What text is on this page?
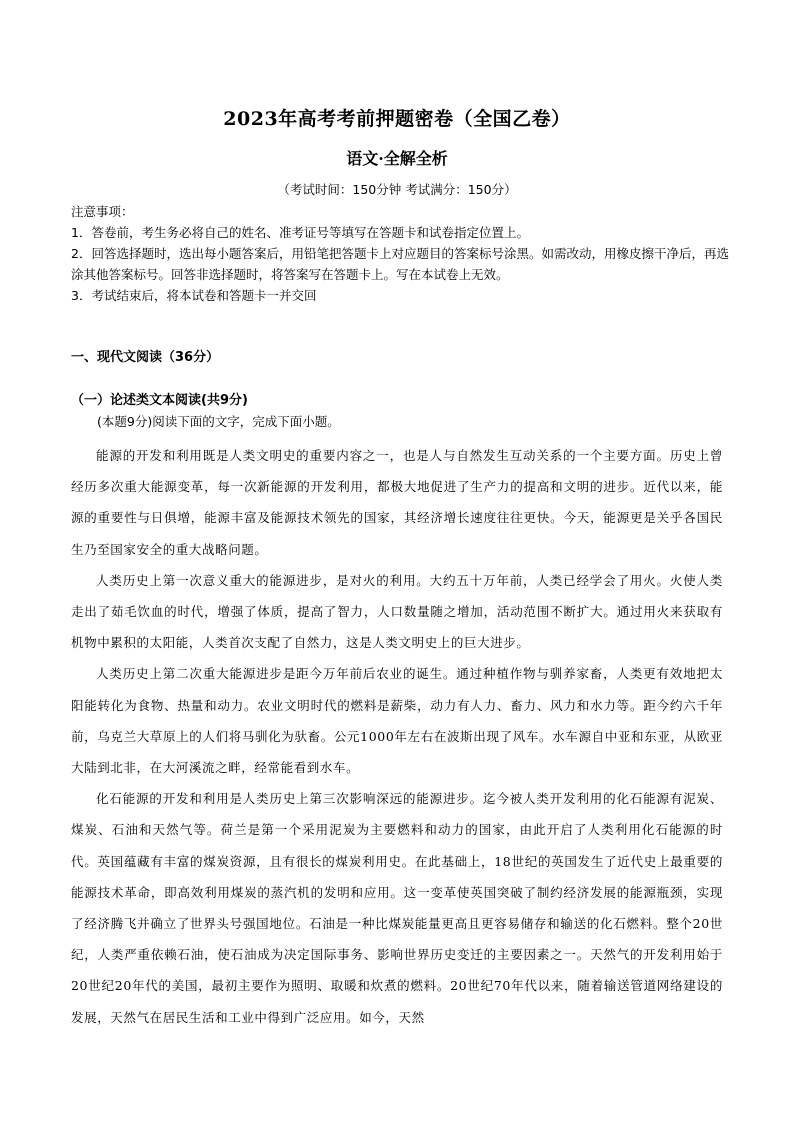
2023年高考考前押题密卷（全国乙卷）
语文·全解全析
（考试时间：150分钟 考试满分：150分）

注意事项：

1．答卷前，考生务必将自己的姓名、准考证号等填写在答题卡和试卷指定位置上。

2．回答选择题时，选出每小题答案后，用铅笔把答题卡上对应题目的答案标号涂黑。如需改动，用橡皮擦干净后，再选涂其他答案标号。回答非选择题时，将答案写在答题卡上。写在本试卷上无效。

3．考试结束后，将本试卷和答题卡一并交回

一、现代文阅读（36分）
（一）论述类文本阅读(共9分)
(本题9分)阅读下面的文字，完成下面小题。

能源的开发和利用既是人类文明史的重要内容之一，也是人与自然发生互动关系的一个主要方面。历史上曾经历多次重大能源变革，每一次新能源的开发利用，都极大地促进了生产力的提高和文明的进步。近代以来，能源的重要性与日俱增，能源丰富及能源技术领先的国家，其经济增长速度往往更快。今天，能源更是关乎各国民生乃至国家安全的重大战略问题。

人类历史上第一次意义重大的能源进步，是对火的利用。大约五十万年前，人类已经学会了用火。火使人类走出了茹毛饮血的时代，增强了体质，提高了智力，人口数量随之增加，活动范围不断扩大。通过用火来获取有机物中累积的太阳能，人类首次支配了自然力，这是人类文明史上的巨大进步。

人类历史上第二次重大能源进步是距今万年前后农业的诞生。通过种植作物与驯养家畜，人类更有效地把太阳能转化为食物、热量和动力。农业文明时代的燃料是薪柴，动力有人力、畜力、风力和水力等。距今约六千年前，乌克兰大草原上的人们将马驯化为驮畜。公元1000年左右在波斯出现了风车。水车源自中亚和东亚，从欧亚大陆到北非，在大河溪流之畔，经常能看到水车。

化石能源的开发和利用是人类历史上第三次影响深远的能源进步。迄今被人类开发利用的化石能源有泥炭、煤炭、石油和天然气等。荷兰是第一个采用泥炭为主要燃料和动力的国家，由此开启了人类利用化石能源的时代。英国蕴藏有丰富的煤炭资源，且有很长的煤炭利用史。在此基础上，18世纪的英国发生了近代史上最重要的能源技术革命，即高效利用煤炭的蒸汽机的发明和应用。这一变革使英国突破了制约经济发展的能源瓶颈，实现了经济腾飞并确立了世界头号强国地位。石油是一种比煤炭能量更高且更容易储存和输送的化石燃料。整个20世纪，人类严重依赖石油，使石油成为决定国际事务、影响世界历史变迁的主要因素之一。天然气的开发利用始于20世纪20年代的美国，最初主要作为照明、取暖和炊煮的燃料。20世纪70年代以来，随着输送管道网络建设的发展，天然气在居民生活和工业中得到广泛应用。如今，天然
